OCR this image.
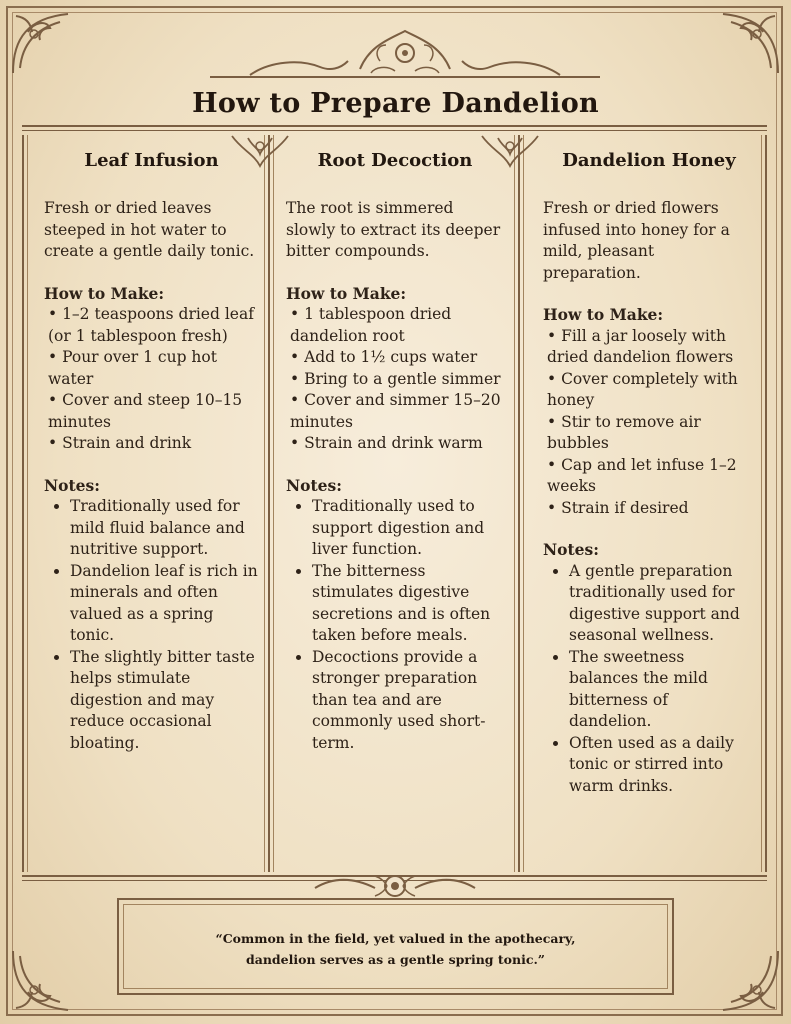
How to Prepare Dandelion
Leaf Infusion

Fresh or dried leaves steeped in hot water to create a gentle daily tonic.

How to Make:
• 1–2 teaspoons dried leaf (or 1 tablespoon fresh)
• Pour over 1 cup hot water
• Cover and steep 10–15 minutes
• Strain and drink
Notes:
• Traditionally used for mild fluid balance and nutritive support.
• Dandelion leaf is rich in minerals and often valued as a spring tonic.
• The slightly bitter taste helps stimulate digestion and may reduce occasional bloating.
Root Decoction

The root is simmered slowly to extract its deeper bitter compounds.

How to Make:
• 1 tablespoon dried dandelion root
• Add to 1½ cups water
• Bring to a gentle simmer
• Cover and simmer 15–20 minutes
• Strain and drink warm
Notes:
• Traditionally used to support digestion and liver function.
• The bitterness stimulates digestive secretions and is often taken before meals.
• Decoctions provide a stronger preparation than tea and are commonly used short-term.
Dandelion Honey

Fresh or dried flowers infused into honey for a mild, pleasant preparation.

How to Make:
• Fill a jar loosely with dried dandelion flowers
• Cover completely with honey
• Stir to remove air bubbles
• Cap and let infuse 1–2 weeks
• Strain if desired
Notes:
• A gentle preparation traditionally used for digestive support and seasonal wellness.
• The sweetness balances the mild bitterness of dandelion.
• Often used as a daily tonic or stirred into warm drinks.
“Common in the field, yet valued in the apothecary,
dandelion serves as a gentle spring tonic.”
